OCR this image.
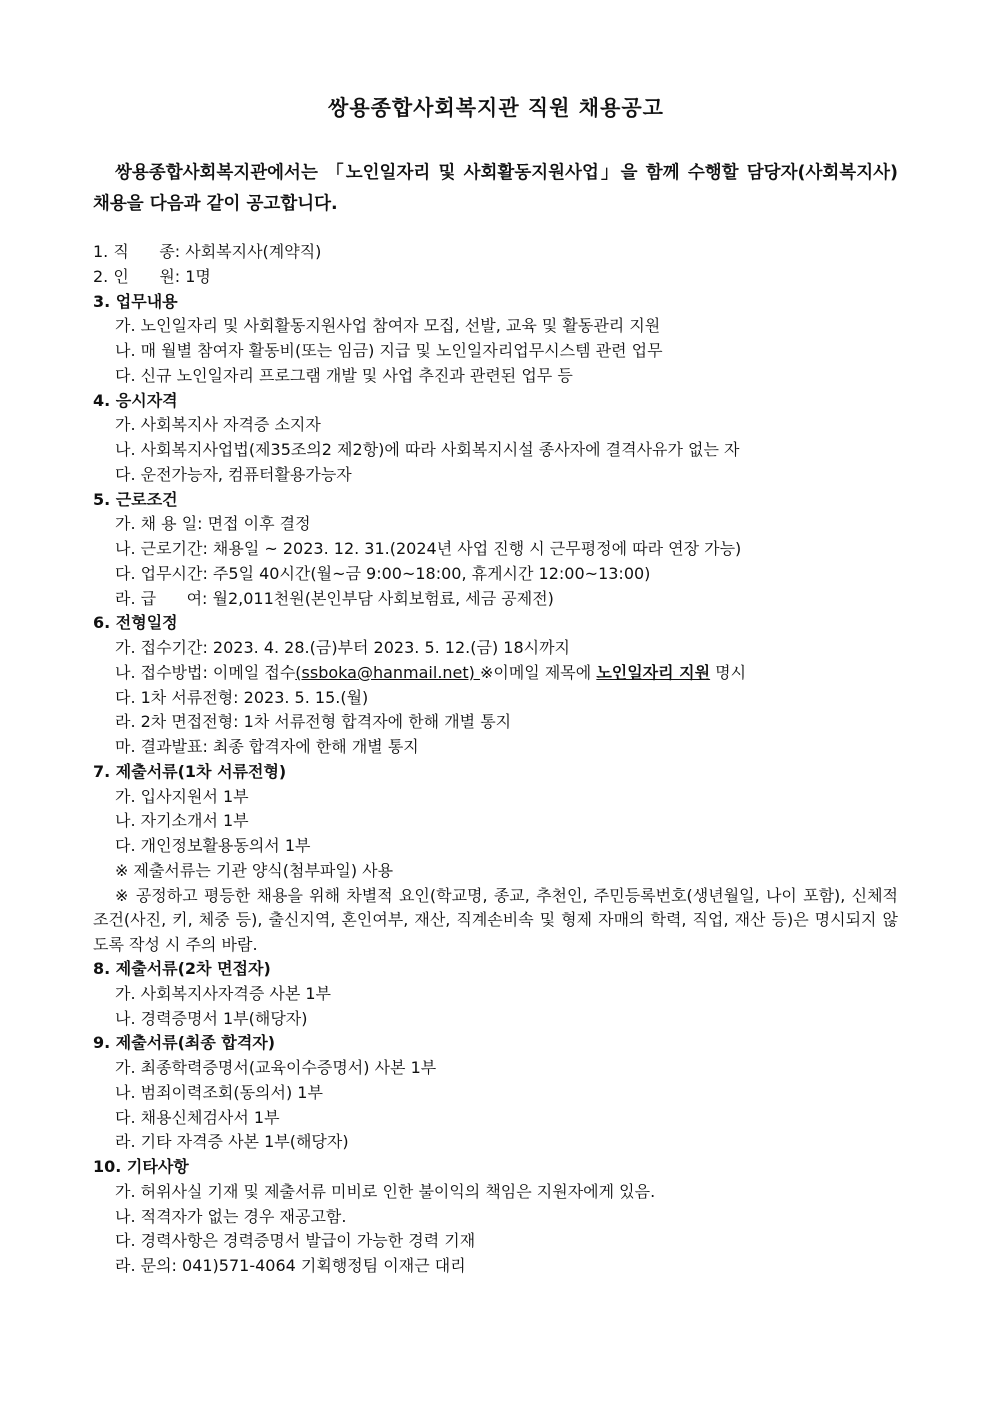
쌍용종합사회복지관 직원 채용공고
쌍용종합사회복지관에서는 「노인일자리 및 사회활동지원사업」을 함께 수행할 담당자(사회복지사) 채용을 다음과 같이 공고합니다.
1. 직      종: 사회복지사(계약직)
2. 인      원: 1명
3. 업무내용
가. 노인일자리 및 사회활동지원사업 참여자 모집, 선발, 교육 및 활동관리 지원
나. 매 월별 참여자 활동비(또는 임금) 지급 및 노인일자리업무시스템 관련 업무
다. 신규 노인일자리 프로그램 개발 및 사업 추진과 관련된 업무 등
4. 응시자격
가. 사회복지사 자격증 소지자
나. 사회복지사업법(제35조의2 제2항)에 따라 사회복지시설 종사자에 결격사유가 없는 자
다. 운전가능자, 컴퓨터활용가능자
5. 근로조건
가. 채 용 일: 면접 이후 결정
나. 근로기간: 채용일 ~ 2023. 12. 31.(2024년 사업 진행 시 근무평정에 따라 연장 가능)
다. 업무시간: 주5일 40시간(월~금 9:00~18:00, 휴게시간 12:00~13:00)
라. 급      여: 월2,011천원(본인부담 사회보험료, 세금 공제전)
6. 전형일정
가. 접수기간: 2023. 4. 28.(금)부터 2023. 5. 12.(금) 18시까지
나. 접수방법: 이메일 접수(ssboka@hanmail.net) ※이메일 제목에 노인일자리 지원 명시
다. 1차 서류전형: 2023. 5. 15.(월)
라. 2차 면접전형: 1차 서류전형 합격자에 한해 개별 통지
마. 결과발표: 최종 합격자에 한해 개별 통지
7. 제출서류(1차 서류전형)
가. 입사지원서 1부
나. 자기소개서 1부
다. 개인정보활용동의서 1부
※ 제출서류는 기관 양식(첨부파일) 사용
※ 공정하고 평등한 채용을 위해 차별적 요인(학교명, 종교, 추천인, 주민등록번호(생년월일, 나이 포함), 신체적조건(사진, 키, 체중 등), 출신지역, 혼인여부, 재산, 직계손비속 및 형제 자매의 학력, 직업, 재산 등)은 명시되지 않도록 작성 시 주의 바람.
8. 제출서류(2차 면접자)
가. 사회복지사자격증 사본 1부
나. 경력증명서 1부(해당자)
9. 제출서류(최종 합격자)
가. 최종학력증명서(교육이수증명서) 사본 1부
나. 범죄이력조회(동의서) 1부
다. 채용신체검사서 1부
라. 기타 자격증 사본 1부(해당자)
10. 기타사항
가. 허위사실 기재 및 제출서류 미비로 인한 불이익의 책임은 지원자에게 있음.
나. 적격자가 없는 경우 재공고함.
다. 경력사항은 경력증명서 발급이 가능한 경력 기재
라. 문의: 041)571-4064 기획행정팀 이재근 대리
